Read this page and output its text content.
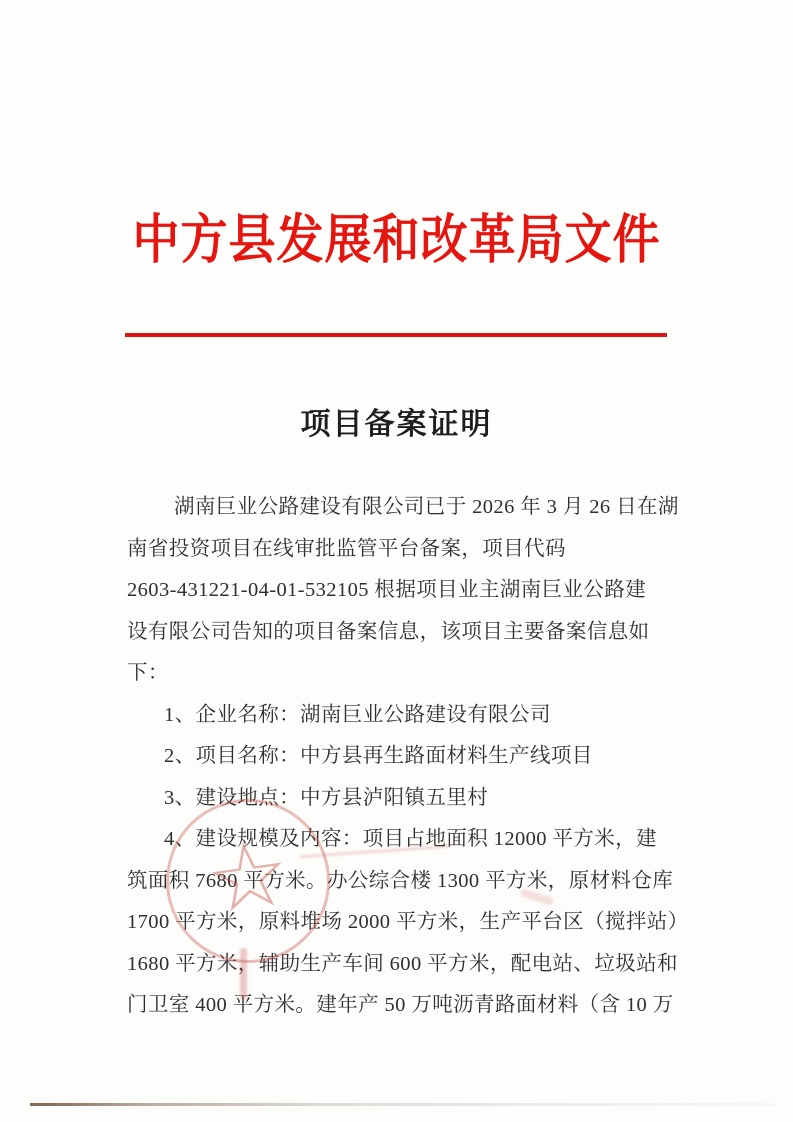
中方县发展和改革局文件
项目备案证明
湖南巨业公路建设有限公司已于 2026 年 3 月 26 日在湖
南省投资项目在线审批监管平台备案，项目代码
2603-431221-04-01-532105 根据项目业主湖南巨业公路建
设有限公司告知的项目备案信息，该项目主要备案信息如
下：
1、企业名称：湖南巨业公路建设有限公司
2、项目名称：中方县再生路面材料生产线项目
3、建设地点：中方县泸阳镇五里村
4、建设规模及内容：项目占地面积 12000 平方米，建
筑面积 7680 平方米。办公综合楼 1300 平方米，原材料仓库
1700 平方米，原料堆场 2000 平方米，生产平台区（搅拌站）
1680 平方米，辅助生产车间 600 平方米，配电站、垃圾站和
门卫室 400 平方米。建年产 50 万吨沥青路面材料（含 10 万
☆
